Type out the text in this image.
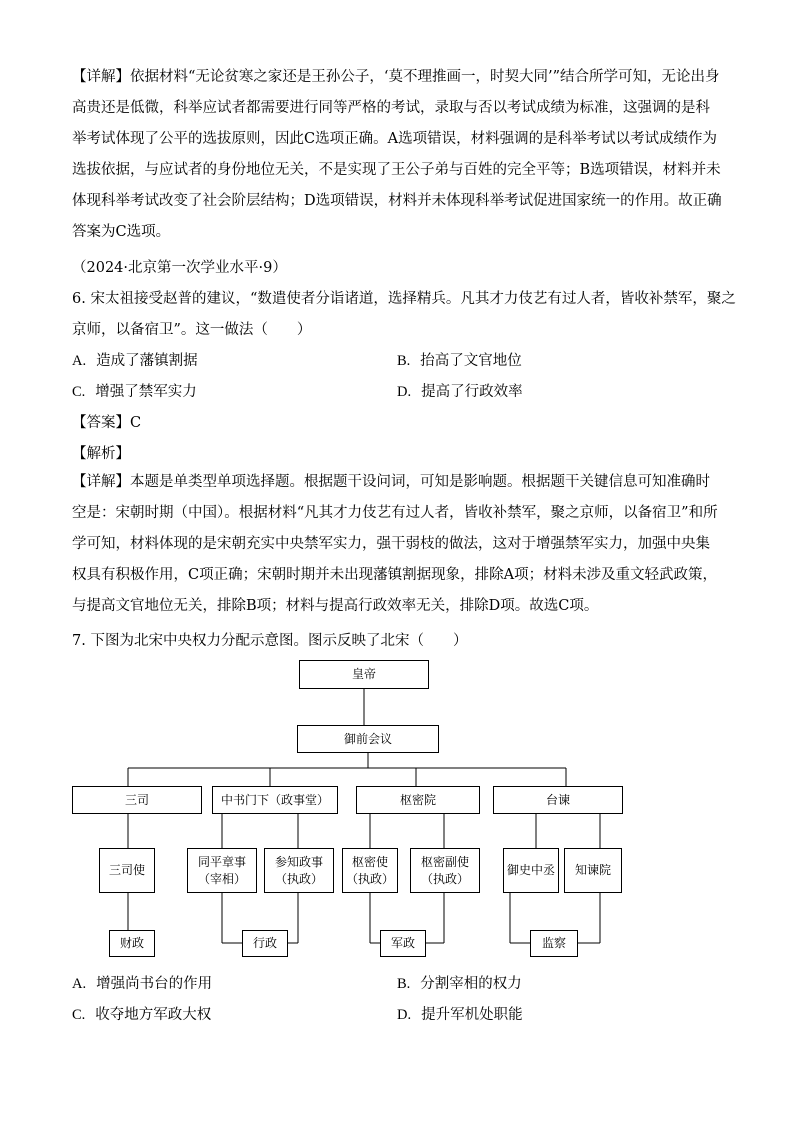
【详解】依据材料“无论贫寒之家还是王孙公子，‘莫不理推画一，时契大同’”结合所学可知，无论出身高贵还是低微，科举应试者都需要进行同等严格的考试，录取与否以考试成绩为标准，这强调的是科举考试体现了公平的选拔原则，因此C选项正确。A选项错误，材料强调的是科举考试以考试成绩作为选拔依据，与应试者的身份地位无关，不是实现了王公子弟与百姓的完全平等；B选项错误，材料并未体现科举考试改变了社会阶层结构；D选项错误，材料并未体现科举考试促进国家统一的作用。故正确答案为C选项。
（2024·北京第一次学业水平·9）
6. 宋太祖接受赵普的建议，“数遣使者分诣诸道，选择精兵。凡其才力伎艺有过人者，皆收补禁军，聚之
京师，以备宿卫”。这一做法（　　）
A. 造成了藩镇割据	B. 抬高了文官地位
C. 增强了禁军实力	D. 提高了行政效率
【答案】C
【解析】
【详解】本题是单类型单项选择题。根据题干设问词，可知是影响题。根据题干关键信息可知准确时空是：宋朝时期（中国）。根据材料“凡其才力伎艺有过人者，皆收补禁军，聚之京师，以备宿卫”和所学可知，材料体现的是宋朝充实中央禁军实力，强干弱枝的做法，这对于增强禁军实力，加强中央集权具有积极作用，C项正确；宋朝时期并未出现藩镇割据现象，排除A项；材料未涉及重文轻武政策，与提高文官地位无关，排除B项；材料与提高行政效率无关，排除D项。故选C项。
7. 下图为北宋中央权力分配示意图。图示反映了北宋（　　）
皇帝
御前会议
三司	中书门下（政事堂）	枢密院	台谏
三司使
同平章事
（宰相）
参知政事
（执政）
枢密使
（执政）
枢密副使
（执政）
御史中丞 知谏院
财政	行政	军政	监察
A. 增强尚书台的作用	B. 分割宰相的权力
C. 收夺地方军政大权	D. 提升军机处职能
